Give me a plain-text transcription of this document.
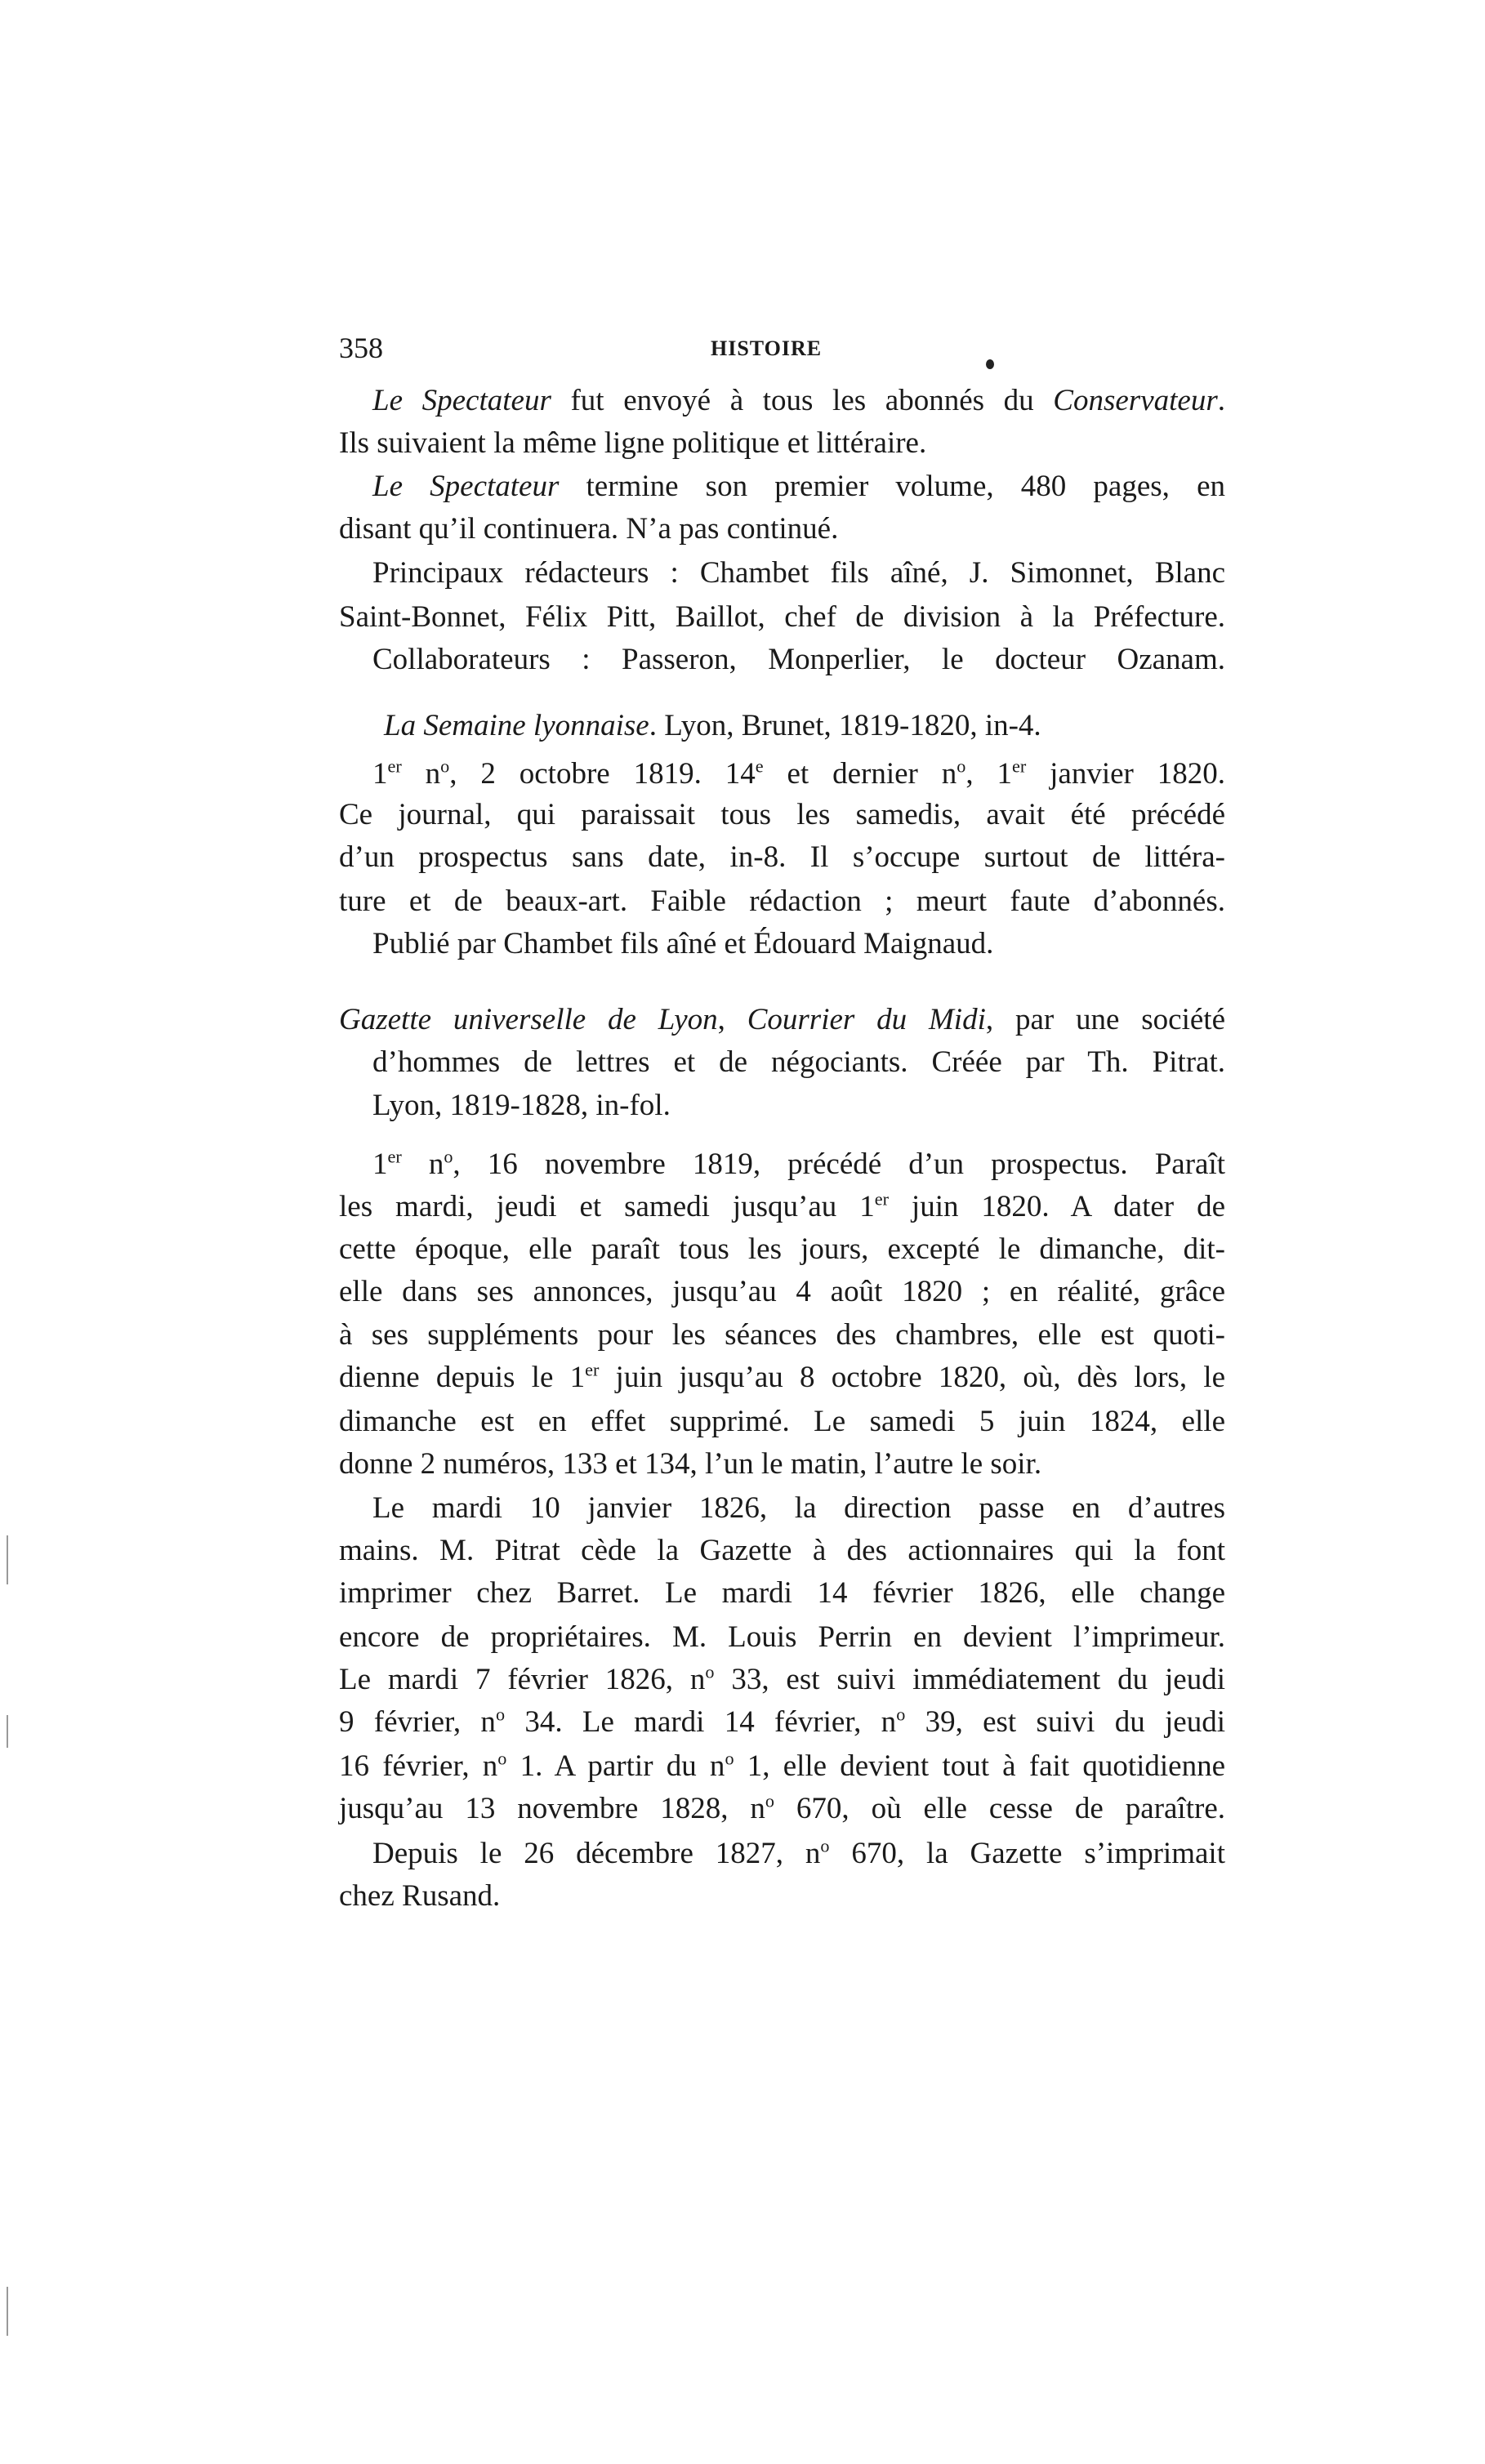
358	HISTOIRE
Le Spectateur fut envoyé à tous les abonnés du Conservateur.
Ils suivaient la même ligne politique et littéraire.
Le Spectateur termine son premier volume, 480 pages, en
disant qu’il continuera. N’a pas continué.
Principaux rédacteurs : Chambet fils aîné, J. Simonnet, Blanc
Saint-Bonnet, Félix Pitt, Baillot, chef de division à la Préfecture.
Collaborateurs : Passeron, Monperlier, le docteur Ozanam.
La Semaine lyonnaise. Lyon, Brunet, 1819-1820, in-4.
1er $n^o$, 2 octobre 1819. 14e et dernier $n^o$, 1er janvier 1820.
Ce journal, qui paraissait tous les samedis, avait été précédé
d’un prospectus sans date, in-8. Il s’occupe surtout de littéra-
ture et de beaux-art. Faible rédaction ; meurt faute d’abonnés.
Publié par Chambet fils aîné et Édouard Maignaud.
Gazette universelle de Lyon, Courrier du Midi, par une société
d’hommes de lettres et de négociants. Créée par Th. Pitrat.
Lyon, 1819-1828, in-fol.
1er $n^o$, 16 novembre 1819, précédé d’un prospectus. Paraît
les mardi, jeudi et samedi jusqu’au 1er juin 1820. A dater de
cette époque, elle paraît tous les jours, excepté le dimanche, dit-
elle dans ses annonces, jusqu’au 4 août 1820 ; en réalité, grâce
à ses suppléments pour les séances des chambres, elle est quoti-
dienne depuis le 1er juin jusqu’au 8 octobre 1820, où, dès lors, le
dimanche est en effet supprimé. Le samedi 5 juin 1824, elle
donne 2 numéros, 133 et 134, l’un le matin, l’autre le soir.
Le mardi 10 janvier 1826, la direction passe en d’autres
mains. M. Pitrat cède la Gazette à des actionnaires qui la font
imprimer chez Barret. Le mardi 14 février 1826, elle change
encore de propriétaires. M. Louis Perrin en devient l’imprimeur.
Le mardi 7 février 1826, $n^o$ 33, est suivi immédiatement du jeudi
9 février, $n^o$ 34. Le mardi 14 février, $n^o$ 39, est suivi du jeudi
16 février, $n^o$ 1. A partir du $n^o$ 1, elle devient tout à fait quotidienne
jusqu’au 13 novembre 1828, $n^o$ 670, où elle cesse de paraître.
Depuis le 26 décembre 1827, $n^o$ 670, la Gazette s’imprimait
chez Rusand.
